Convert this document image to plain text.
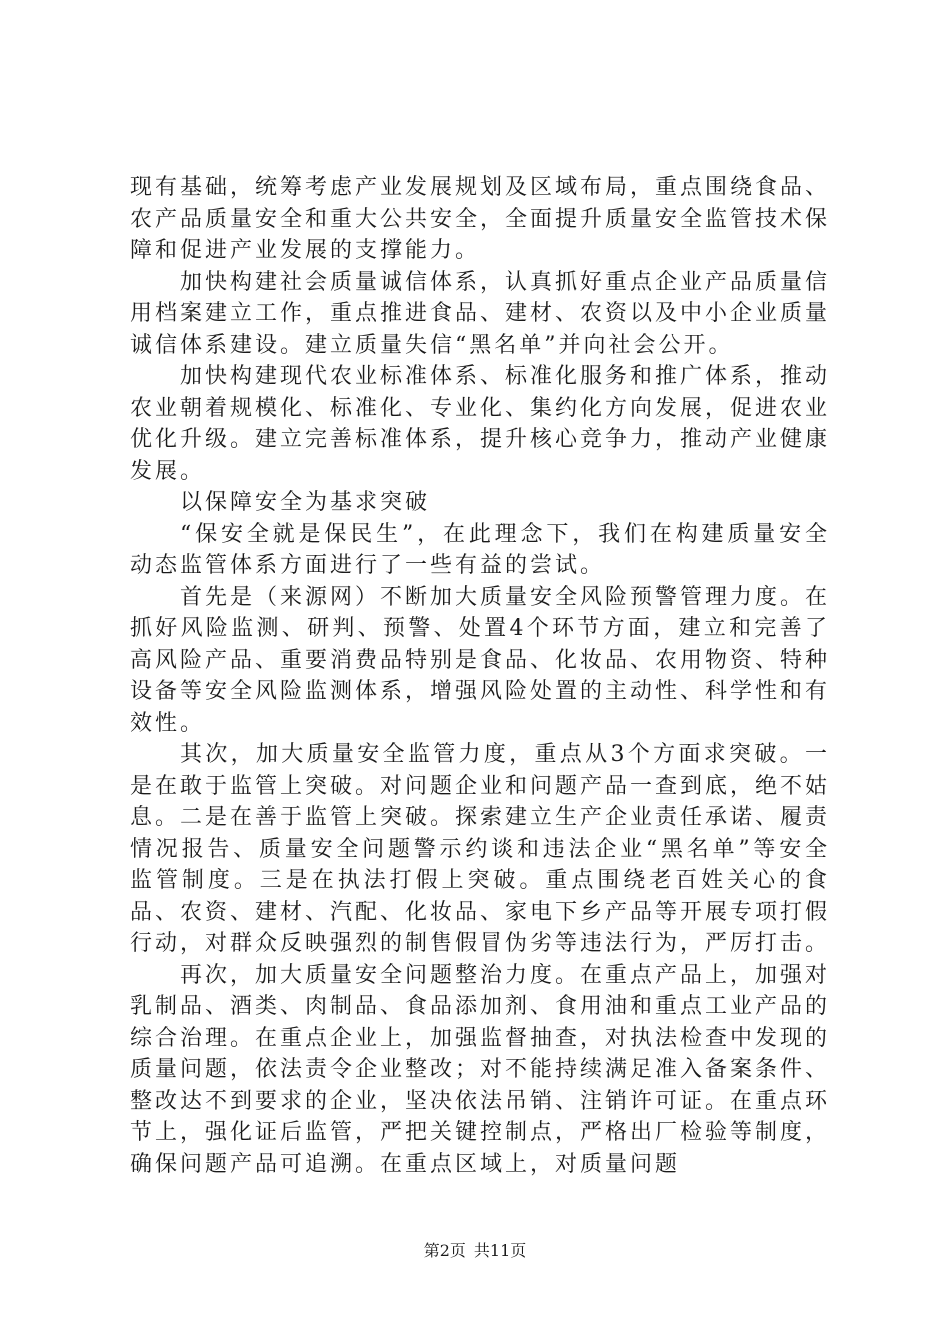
现有基础，统筹考虑产业发展规划及区域布局，重点围绕食品、农产品质量安全和重大公共安全，全面提升质量安全监管技术保障和促进产业发展的支撑能力。

加快构建社会质量诚信体系，认真抓好重点企业产品质量信用档案建立工作，重点推进食品、建材、农资以及中小企业质量诚信体系建设。建立质量失信“黑名单”并向社会公开。

加快构建现代农业标准体系、标准化服务和推广体系，推动农业朝着规模化、标准化、专业化、集约化方向发展，促进农业优化升级。建立完善标准体系，提升核心竞争力，推动产业健康发展。

以保障安全为基求突破

“保安全就是保民生”，在此理念下，我们在构建质量安全动态监管体系方面进行了一些有益的尝试。

首先是（来源网）不断加大质量安全风险预警管理力度。在抓好风险监测、研判、预警、处置4个环节方面，建立和完善了高风险产品、重要消费品特别是食品、化妆品、农用物资、特种设备等安全风险监测体系，增强风险处置的主动性、科学性和有效性。

其次，加大质量安全监管力度，重点从3个方面求突破。一是在敢于监管上突破。对问题企业和问题产品一查到底，绝不姑息。二是在善于监管上突破。探索建立生产企业责任承诺、履责情况报告、质量安全问题警示约谈和违法企业“黑名单”等安全监管制度。三是在执法打假上突破。重点围绕老百姓关心的食品、农资、建材、汽配、化妆品、家电下乡产品等开展专项打假行动，对群众反映强烈的制售假冒伪劣等违法行为，严厉打击。

再次，加大质量安全问题整治力度。在重点产品上，加强对乳制品、酒类、肉制品、食品添加剂、食用油和重点工业产品的综合治理。在重点企业上，加强监督抽查，对执法检查中发现的质量问题，依法责令企业整改；对不能持续满足准入备案条件、整改达不到要求的企业，坚决依法吊销、注销许可证。在重点环节上，强化证后监管，严把关键控制点，严格出厂检验等制度，确保问题产品可追溯。在重点区域上，对质量问题

第2页 共11页
